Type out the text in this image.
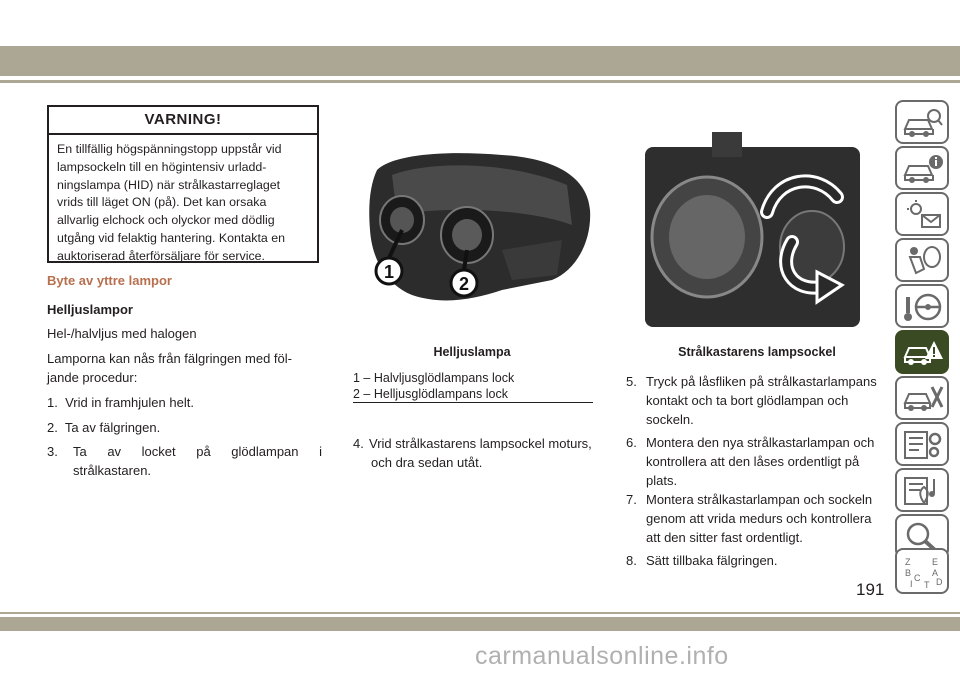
VARNING!
En tillfällig högspänningstopp uppstår vid
lampsockeln till en högintensiv urladd-
ningslampa (HID) när strålkastarreglaget
vrids till läget ON (på). Det kan orsaka
allvarlig elchock och olyckor med dödlig
utgång vid felaktig hantering. Kontakta en
auktoriserad återförsäljare för service.
Byte av yttre lampor
Helljuslampor
Hel-/halvljus med halogen
Lamporna kan nås från fälgringen med föl-
jande procedur:
1. Vrid in framhjulen helt.
2. Ta av fälgringen.
3.	Ta av locket på glödlampan i
strålkastaren.
1
2
Helljuslampa
1 – Halvljusglödlampans lock
2 – Helljusglödlampans lock
4. Vrid strålkastarens lampsockel moturs,
och dra sedan utåt.
Strålkastarens lampsockel
5. Tryck på låsfliken på strålkastarlampans
kontakt och ta bort glödlampan och
sockeln.
6. Montera den nya strålkastarlampan och
kontrollera att den låses ordentligt på
plats.
7. Montera strålkastarlampan och sockeln
genom att vrida medurs och kontrollera
att den sitter fast ordentligt.
8. Sätt tillbaka fälgringen.	Z E
B A
C D
I T
191
carmanualsonline.info
